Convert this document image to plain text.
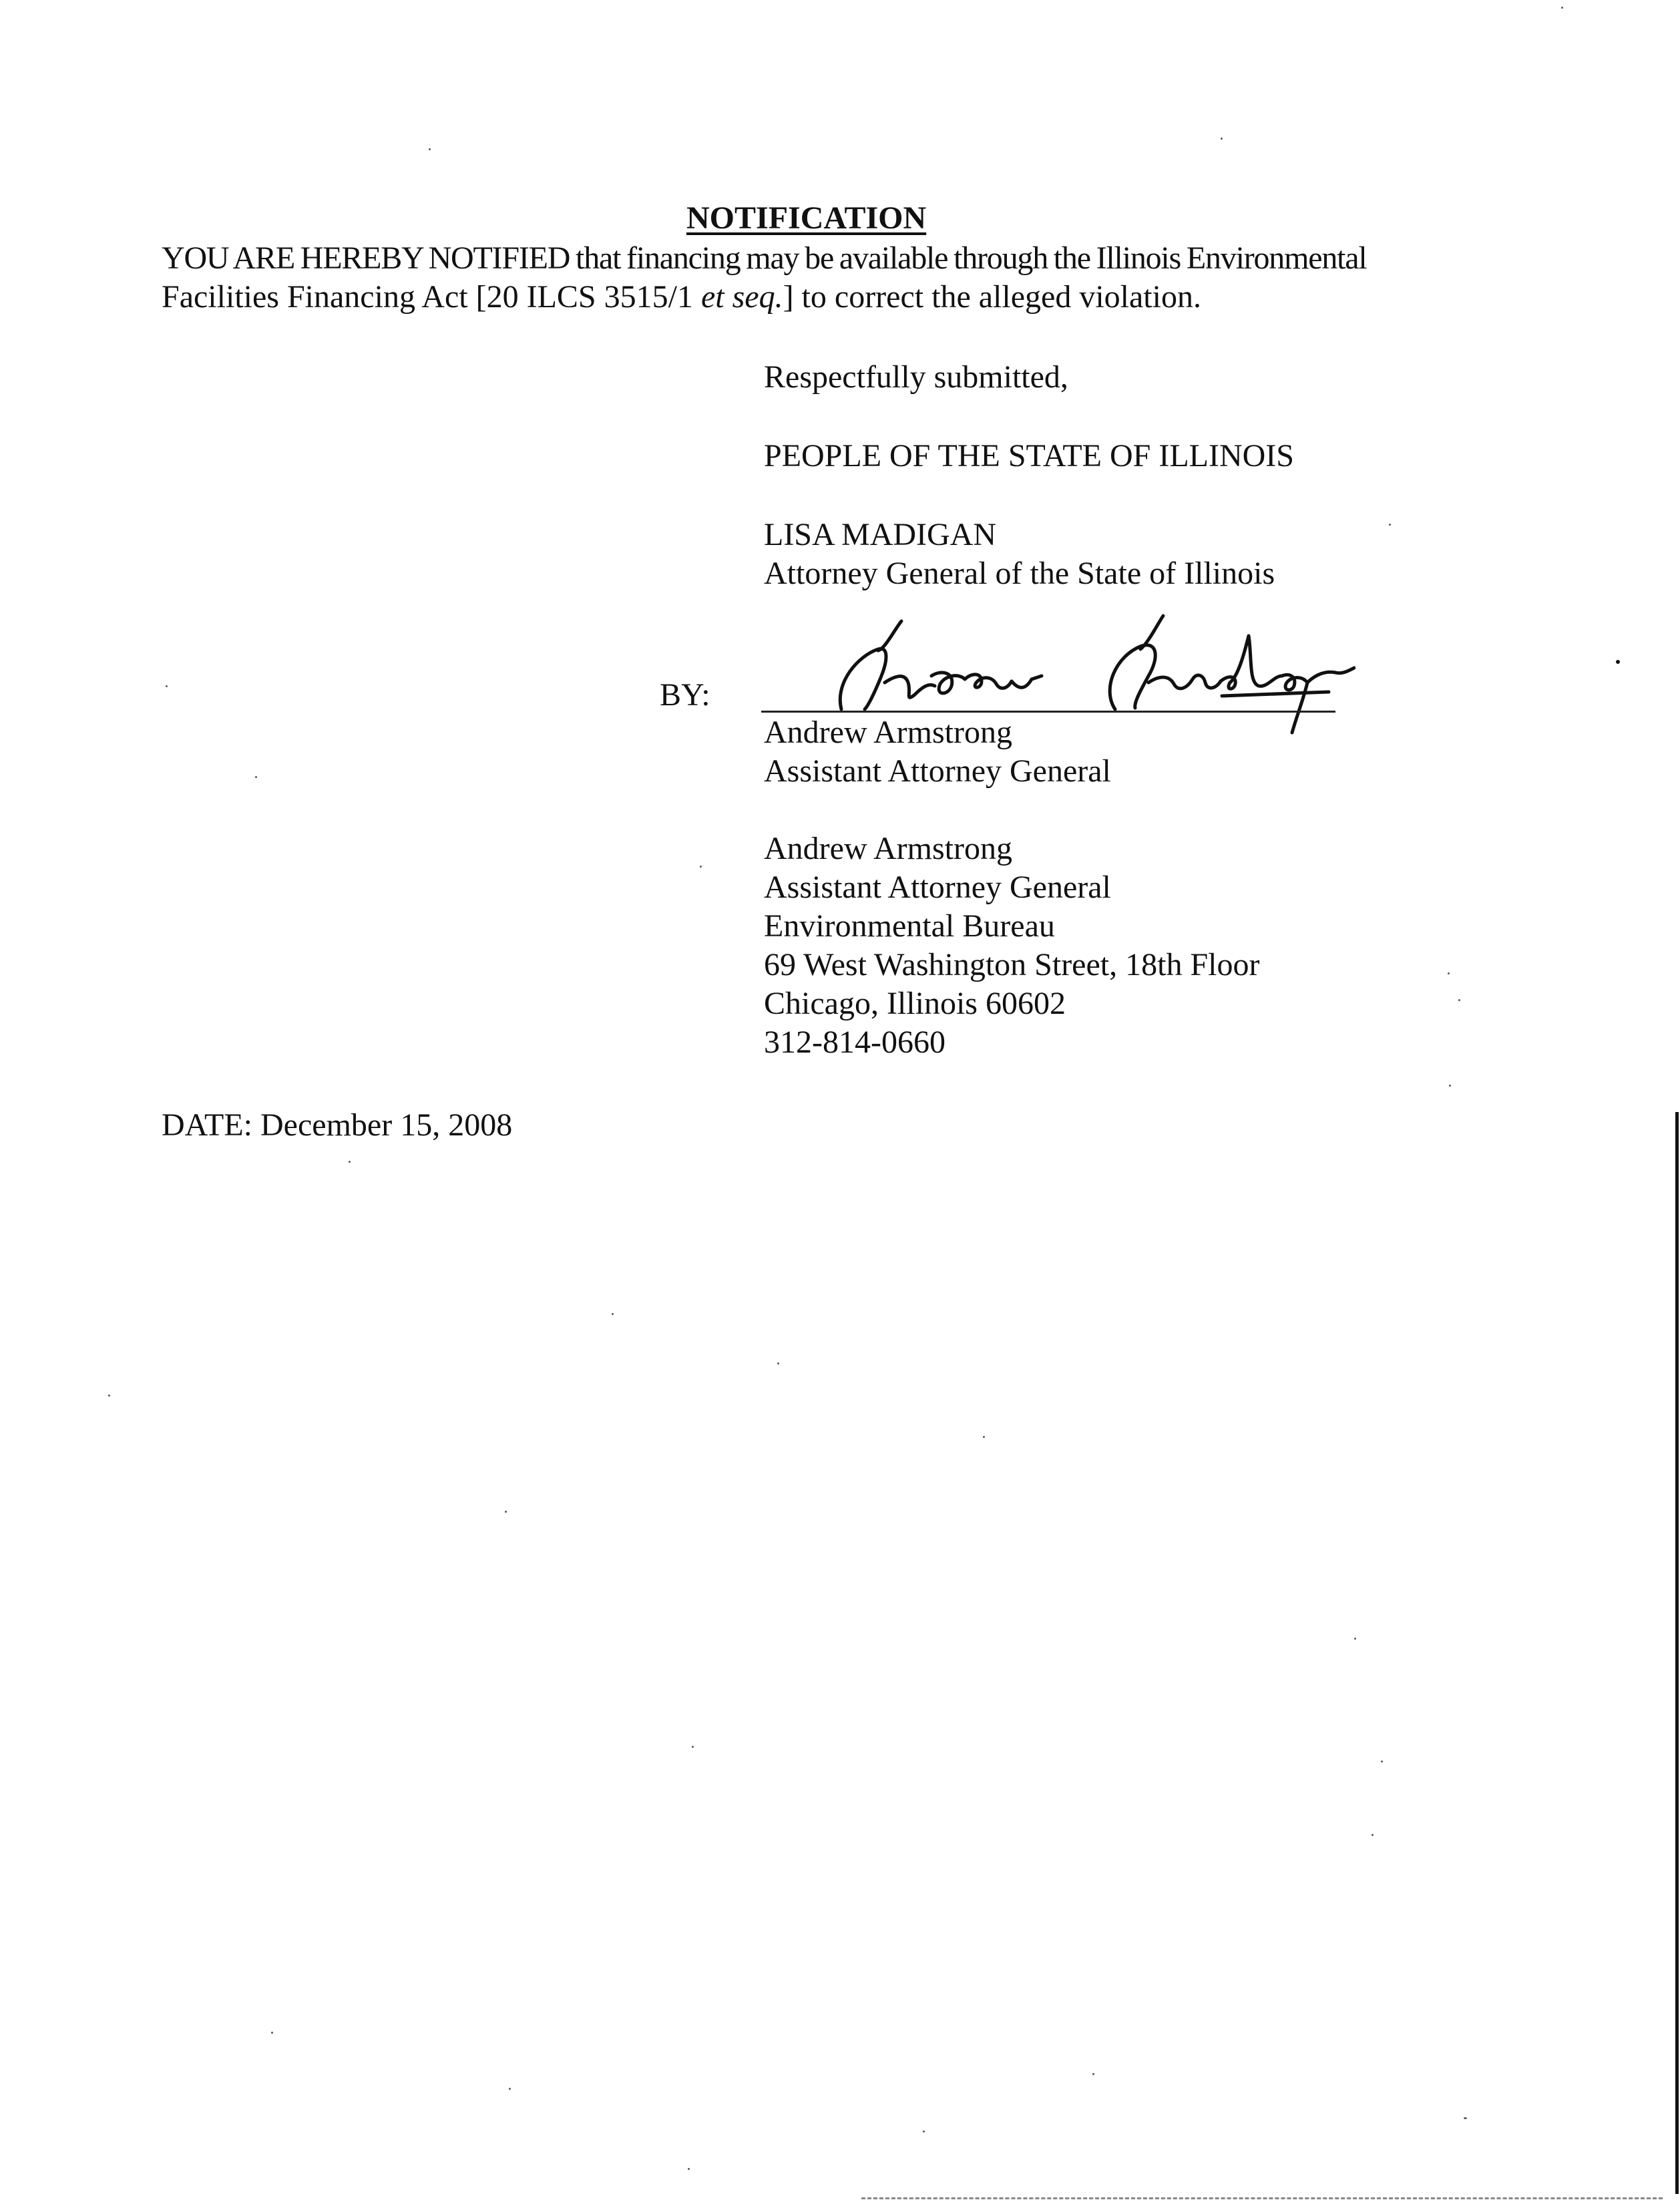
NOTIFICATION
YOU ARE HEREBY NOTIFIED that financing may be available through the Illinois Environmental
Facilities Financing Act [20 ILCS 3515/1 et seq.] to correct the alleged violation.
Respectfully submitted,
PEOPLE OF THE STATE OF ILLINOIS
LISA MADIGAN
Attorney General of the State of Illinois
BY:
Andrew Armstrong
Assistant Attorney General
Andrew Armstrong
Assistant Attorney General
Environmental Bureau
69 West Washington Street, 18th Floor
Chicago, Illinois 60602
312-814-0660
DATE: December 15, 2008
